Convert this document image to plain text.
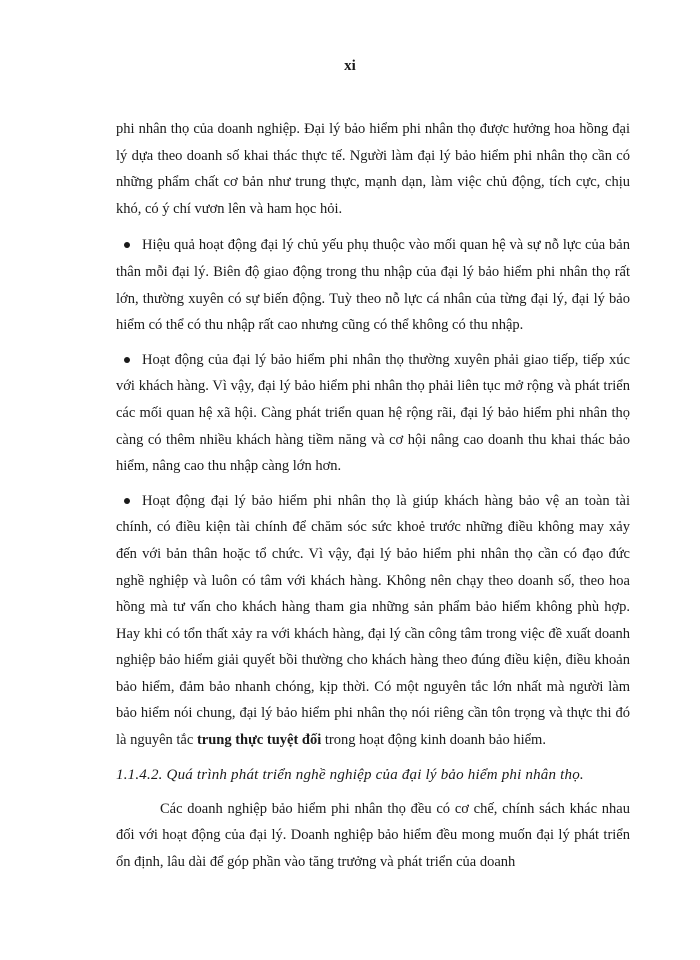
xi

phi nhân thọ của doanh nghiệp. Đại lý bảo hiểm phi nhân thọ được hưởng hoa hồng đại lý dựa theo doanh số khai thác thực tế. Người làm đại lý bảo hiểm phi nhân thọ cần có những phẩm chất cơ bản như trung thực, mạnh dạn, làm việc chủ động, tích cực, chịu khó, có ý chí vươn lên và ham học hỏi.

Hiệu quả hoạt động đại lý chủ yếu phụ thuộc vào mối quan hệ và sự nỗ lực của bản thân mỗi đại lý. Biên độ giao động trong thu nhập của đại lý bảo hiểm phi nhân thọ rất lớn, thường xuyên có sự biến động. Tuỳ theo nỗ lực cá nhân của từng đại lý, đại lý bảo hiểm có thể có thu nhập rất cao nhưng cũng có thể không có thu nhập.

Hoạt động của đại lý bảo hiểm phi nhân thọ thường xuyên phải giao tiếp, tiếp xúc với khách hàng. Vì vậy, đại lý bảo hiểm phi nhân thọ phải liên tục mở rộng và phát triển các mối quan hệ xã hội. Càng phát triển quan hệ rộng rãi, đại lý bảo hiểm phi nhân thọ càng có thêm nhiều khách hàng tiềm năng và cơ hội nâng cao doanh thu khai thác bảo hiểm, nâng cao thu nhập càng lớn hơn.

Hoạt động đại lý bảo hiểm phi nhân thọ là giúp khách hàng bảo vệ an toàn tài chính, có điều kiện tài chính để chăm sóc sức khoẻ trước những điều không may xảy đến với bản thân hoặc tổ chức. Vì vậy, đại lý bảo hiểm phi nhân thọ cần có đạo đức nghề nghiệp và luôn có tâm với khách hàng. Không nên chạy theo doanh số, theo hoa hồng mà tư vấn cho khách hàng tham gia những sản phẩm bảo hiểm không phù hợp. Hay khi có tổn thất xảy ra với khách hàng, đại lý cần công tâm trong việc đề xuất doanh nghiệp bảo hiểm giải quyết bồi thường cho khách hàng theo đúng điều kiện, điều khoản bảo hiểm, đảm bảo nhanh chóng, kịp thời. Có một nguyên tắc lớn nhất mà người làm bảo hiểm nói chung, đại lý bảo hiểm phi nhân thọ nói riêng cần tôn trọng và thực thi đó là nguyên tắc trung thực tuyệt đối trong hoạt động kinh doanh bảo hiểm.

1.1.4.2. Quá trình phát triển nghề nghiệp của đại lý bảo hiểm phi nhân thọ.

Các doanh nghiệp bảo hiểm phi nhân thọ đều có cơ chế, chính sách khác nhau đối với hoạt động của đại lý. Doanh nghiệp bảo hiểm đều mong muốn đại lý phát triển ổn định, lâu dài để góp phần vào tăng trưởng và phát triển của doanh
